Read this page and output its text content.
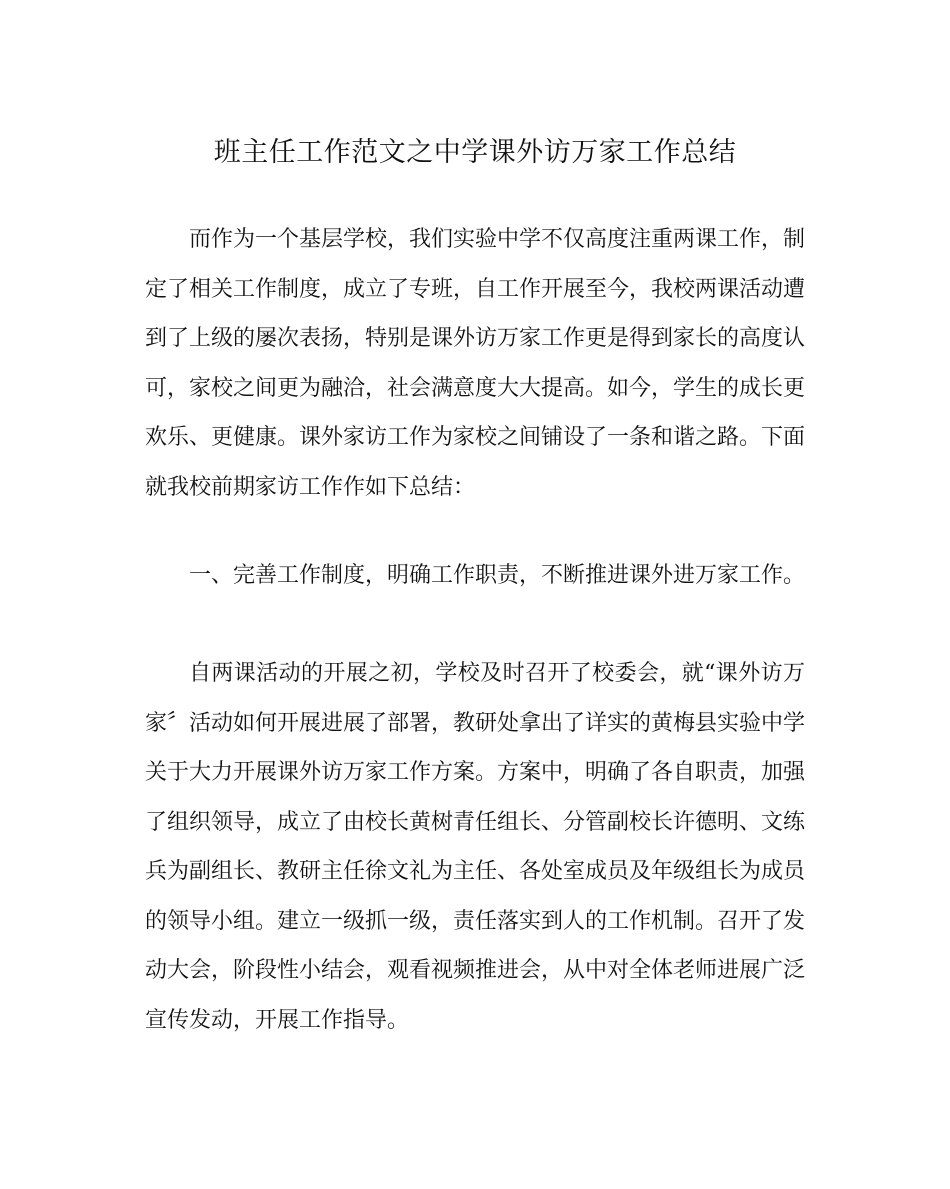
班主任工作范文之中学课外访万家工作总结

而作为一个基层学校，我们实验中学不仅高度注重两课工作，制定了相关工作制度，成立了专班，自工作开展至今，我校两课活动遭到了上级的屡次表扬，特别是课外访万家工作更是得到家长的高度认可，家校之间更为融洽，社会满意度大大提高。如今，学生的成长更欢乐、更健康。课外家访工作为家校之间铺设了一条和谐之路。下面就我校前期家访工作作如下总结：

一、完善工作制度，明确工作职责，不断推进课外进万家工作。

自两课活动的开展之初，学校及时召开了校委会，就“课外访万家〞活动如何开展进展了部署，教研处拿出了详实的黄梅县实验中学关于大力开展课外访万家工作方案。方案中，明确了各自职责，加强了组织领导，成立了由校长黄树青任组长、分管副校长许德明、文练兵为副组长、教研主任徐文礼为主任、各处室成员及年级组长为成员的领导小组。建立一级抓一级，责任落实到人的工作机制。召开了发动大会，阶段性小结会，观看视频推进会，从中对全体老师进展广泛宣传发动，开展工作指导。
